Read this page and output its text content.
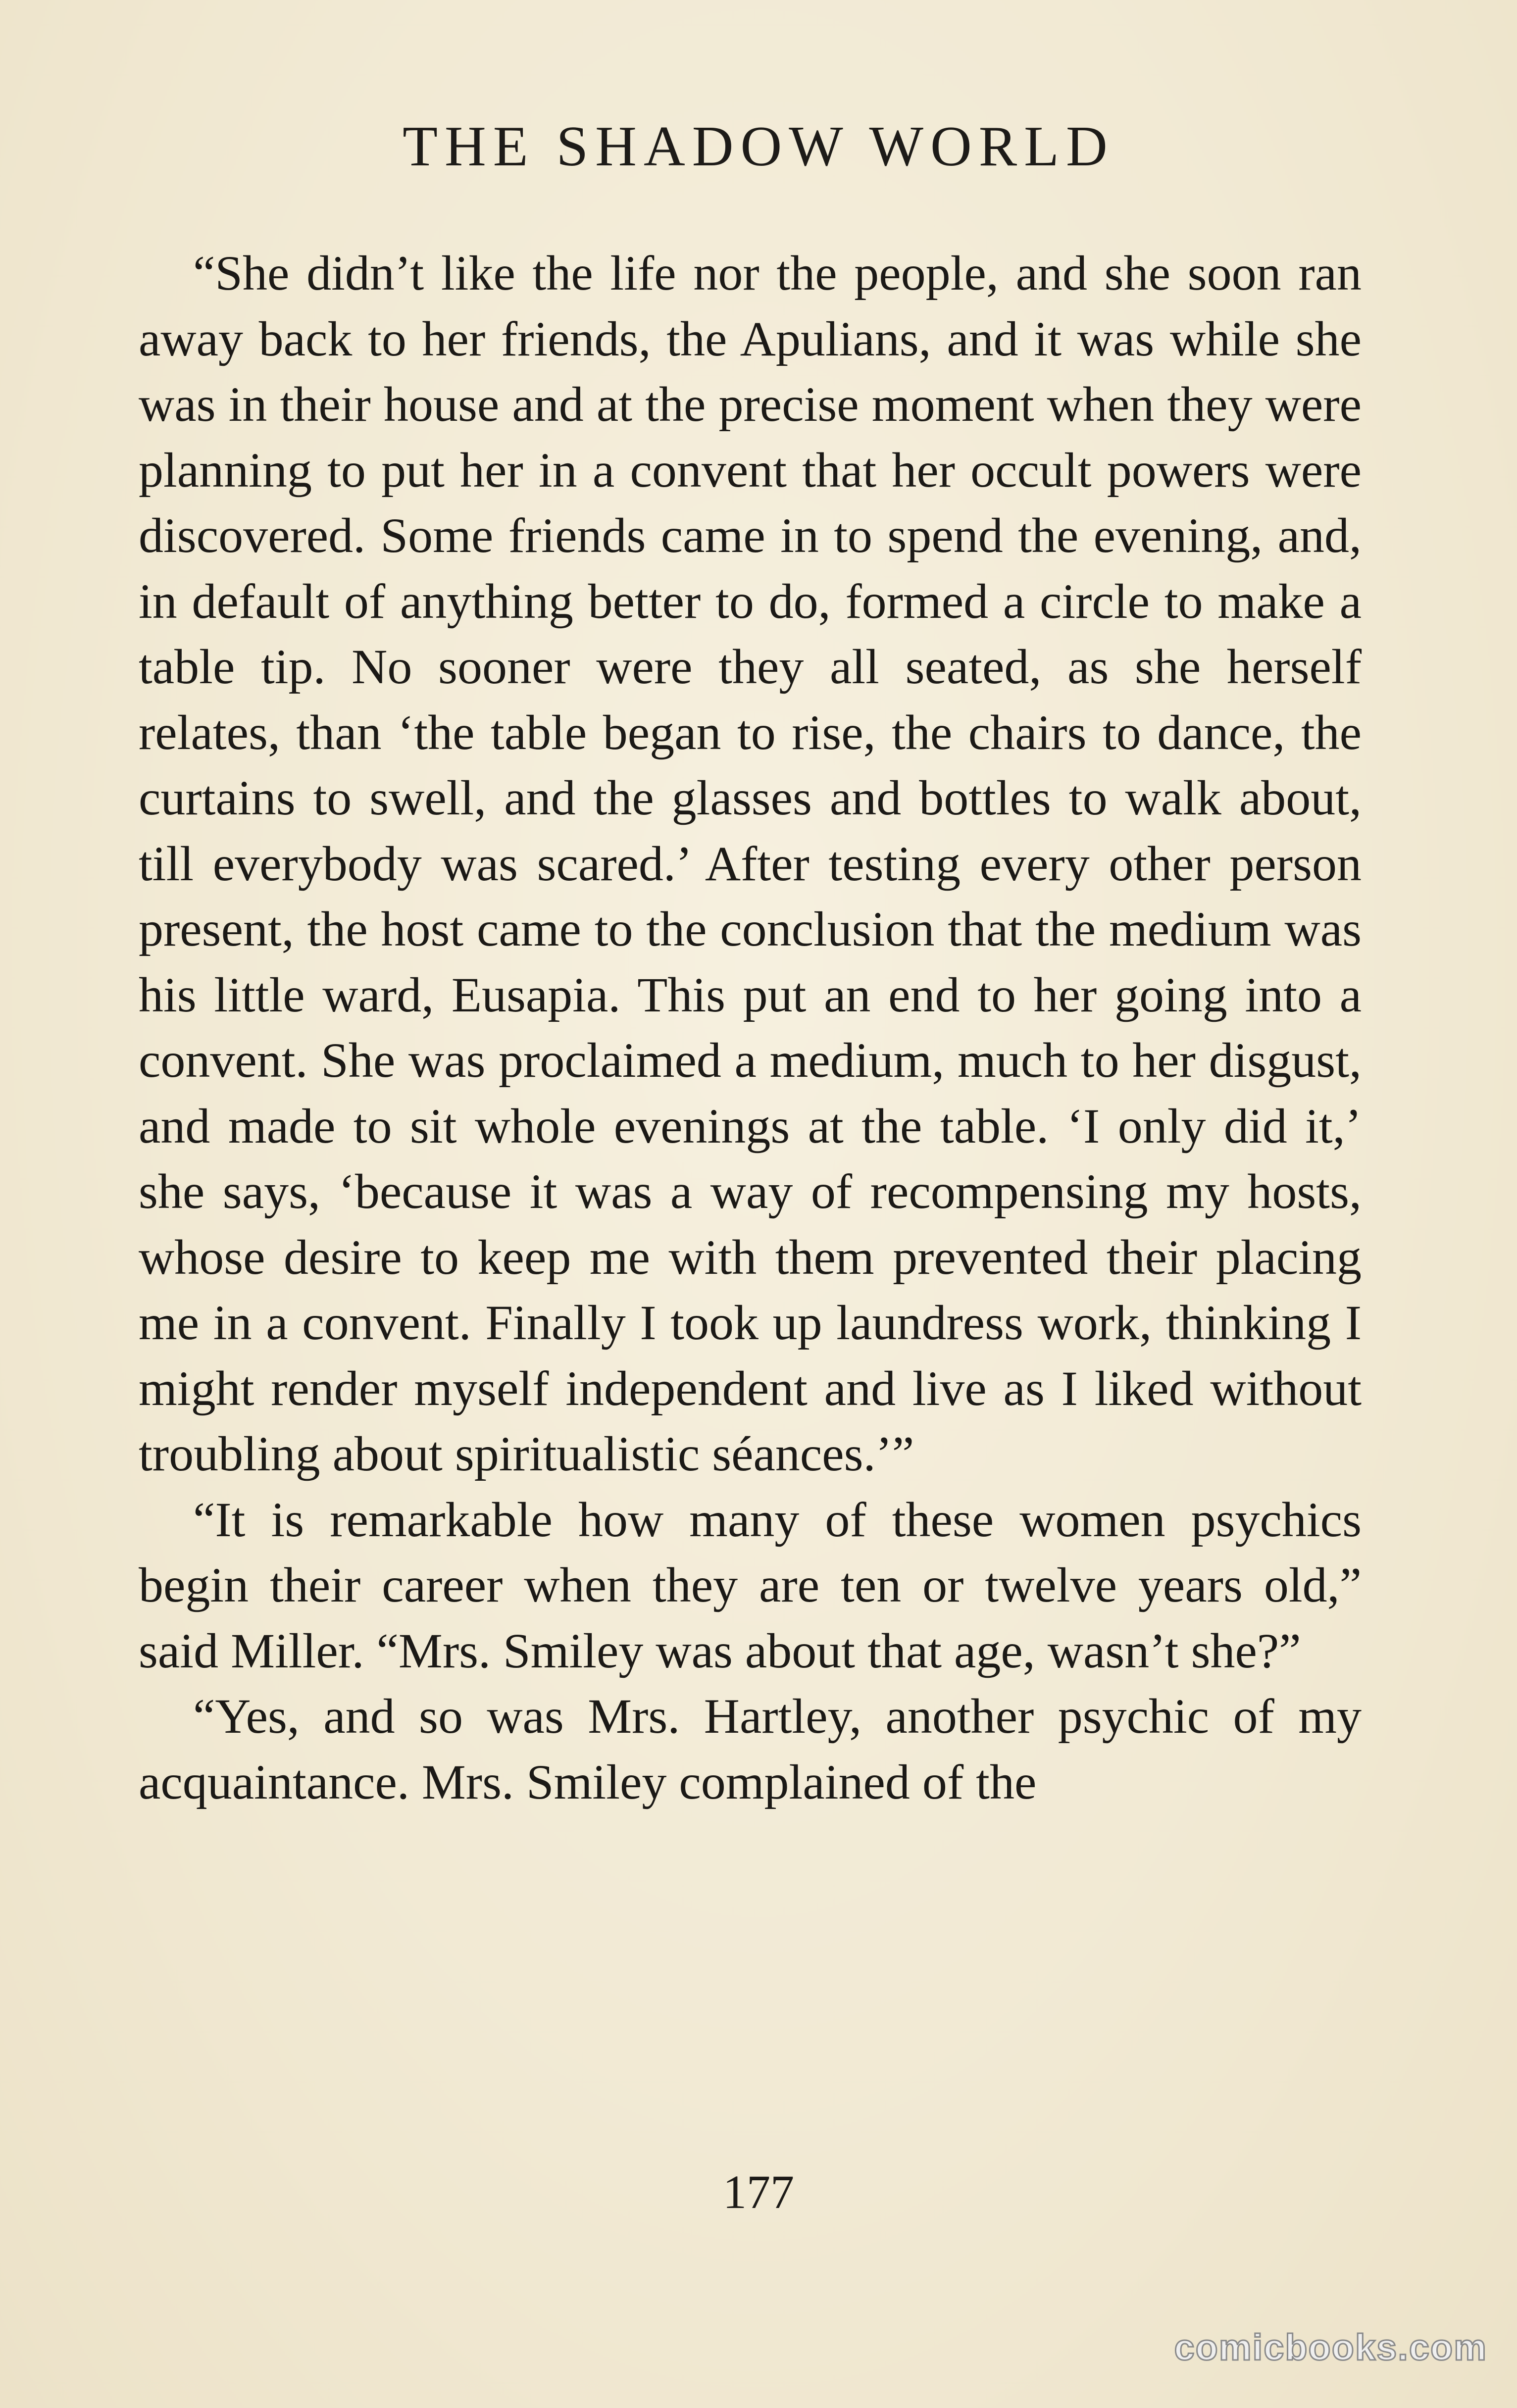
THE SHADOW WORLD

“She didn’t like the life nor the people, and she soon ran away back to her friends, the Apulians, and it was while she was in their house and at the precise moment when they were planning to put her in a convent that her occult powers were discovered. Some friends came in to spend the evening, and, in default of anything better to do, formed a circle to make a table tip. No sooner were they all seated, as she herself relates, than ‘the table began to rise, the chairs to dance, the curtains to swell, and the glasses and bottles to walk about, till everybody was scared.’ After testing every other person present, the host came to the conclusion that the medium was his little ward, Eusapia. This put an end to her going into a convent. She was proclaimed a medium, much to her disgust, and made to sit whole evenings at the table. ‘I only did it,’ she says, ‘because it was a way of recompensing my hosts, whose desire to keep me with them prevented their placing me in a convent. Finally I took up laundress work, thinking I might render myself independent and live as I liked without troubling about spiritualistic séances.’”

“It is remarkable how many of these women psychics begin their career when they are ten or twelve years old,” said Miller. “Mrs. Smiley was about that age, wasn’t she?”

“Yes, and so was Mrs. Hartley, another psychic of my acquaintance. Mrs. Smiley complained of the

177
comicbooks.com
